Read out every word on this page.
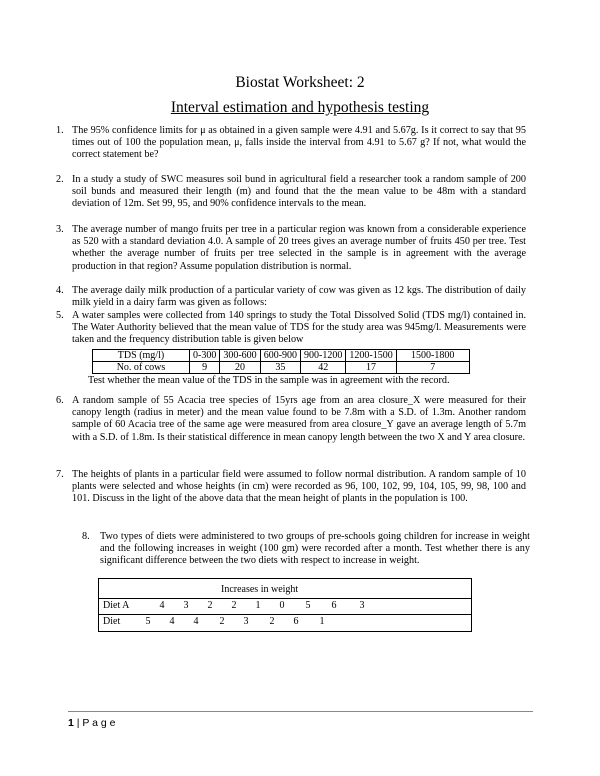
Biostat Worksheet: 2
Interval estimation and hypothesis testing
1. The 95% confidence limits for μ as obtained in a given sample were 4.91 and 5.67g. Is it correct to say that 95 times out of 100 the population mean, μ, falls inside the interval from 4.91 to 5.67 g? If not, what would the correct statement be?

2. In a study a study of SWC measures soil bund in agricultural field a researcher took a random sample of 200 soil bunds and measured their length (m) and found that the the mean value to be 48m with a standard deviation of 12m. Set 99, 95, and 90% confidence intervals to the mean.

3. The average number of mango fruits per tree in a particular region was known from a considerable experience as 520 with a standard deviation 4.0. A sample of 20 trees gives an average number of fruits 450 per tree. Test whether the average number of fruits per tree selected in the sample is in agreement with the average production in that region? Assume population distribution is normal.

4. The average daily milk production of a particular variety of cow was given as 12 kgs. The distribution of daily milk yield in a dairy farm was given as follows:

5. A water samples were collected from 140 springs to study the Total Dissolved Solid (TDS mg/l) contained in. The Water Authority believed that the mean value of TDS for the study area was 945mg/l. Measurements were taken and the frequency distribution table is given below

TDS (mg/l)	0-300	300-600	600-900	900-1200	1200-1500	1500-1800
No. of cows	9	20	35	42	17	7
Test whether the mean value of the TDS in the sample was in agreement with the record.
6. A random sample of 55 Acacia tree species of 15yrs age from an area closure_X were measured for their canopy length (radius in meter) and the mean value found to be 7.8m with a S.D. of 1.3m. Another random sample of 60 Acacia tree of the same age were measured from area closure_Y gave an average length of 5.7m with a S.D. of 1.8m. Is their statistical difference in mean canopy length between the two X and Y area closure.

7. The heights of plants in a particular field were assumed to follow normal distribution. A random sample of 10 plants were selected and whose heights (in cm) were recorded as 96, 100, 102, 99, 104, 105, 99, 98, 100 and 101. Discuss in the light of the above data that the mean height of plants in the population is 100.

8. Two types of diets were administered to two groups of pre-schools going children for increase in weight and the following increases in weight (100 gm) were recorded after a month. Test whether there is any significant difference between the two diets with respect to increase in weight.

Increases in weight
Diet A	4	3	2	2	1	0	5	6	3
Diet	5	4	4	2	3	2	6	1
1 | P a g e
